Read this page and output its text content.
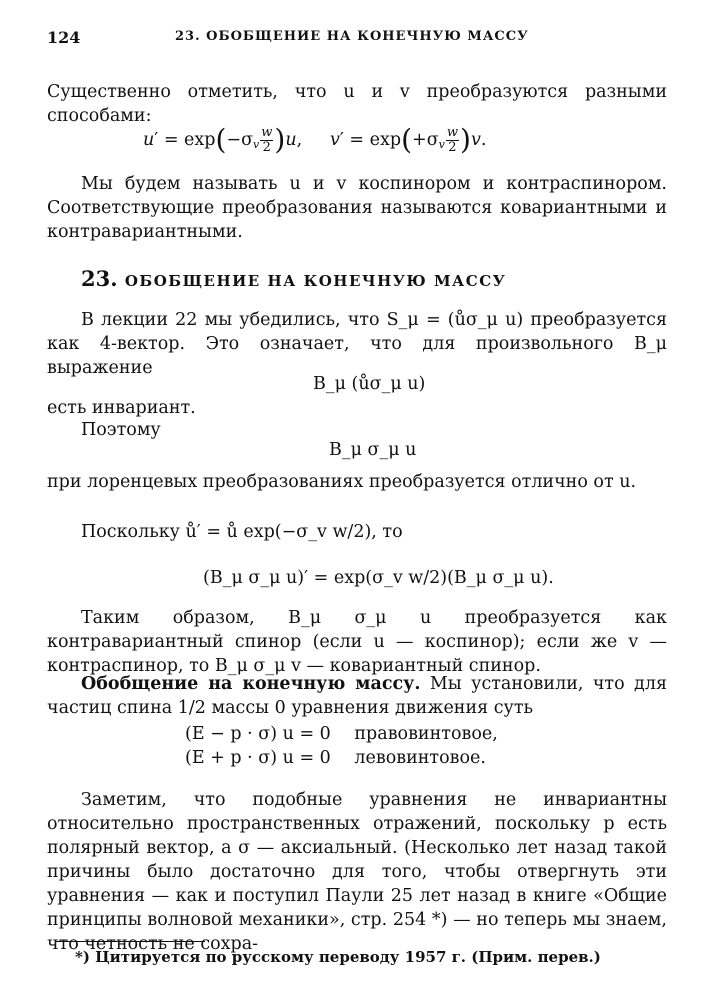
124	23. ОБОБЩЕНИЕ НА КОНЕЧНУЮ МАССУ
Существенно отметить, что u и v преобразуются разными способами:
$u' = \exp(-\sigma_v \frac{w}{2} )u$,     $v' = \exp(+\sigma_v \frac{w}{2} )v$.
Мы будем называть u и v коспинором и контраспинором. Соответствующие преобразования называются ковариантными и контравариантными.
23. ОБОБЩЕНИЕ НА КОНЕЧНУЮ МАССУ
В лекции 22 мы убедились, что S_μ = (ůσ_μ u) преобразуется как 4-вектор. Это означает, что для произвольного B_μ выражение
B_μ (ůσ_μ u)
есть инвариант.
Поэтому
B_μ σ_μ u
при лоренцевых преобразованиях преобразуется отлично от u.
Поскольку ů′ = ů exp(−σ_v w/2), то
(B_μ σ_μ u)′ = exp(σ_v w/2)(B_μ σ_μ u).
Таким образом, B_μ σ_μ u преобразуется как контравариантный спинор (если u — коспинор); если же v — контраспинор, то B_μ σ_μ v — ковариантный спинор.
Обобщение на конечную массу. Мы установили, что для частиц спина 1/2 массы 0 уравнения движения суть
(E − p · σ) u = 0 правовинтовое,
(E + p · σ) u = 0 левовинтовое.
Заметим, что подобные уравнения не инвариантны относительно пространственных отражений, поскольку p есть полярный вектор, а σ — аксиальный. (Несколько лет назад такой причины было достаточно для того, чтобы отвергнуть эти уравнения — как и поступил Паули 25 лет назад в книге «Общие принципы волновой механики», стр. 254 *) — но теперь мы знаем, что четность не сохра-
*) Цитируется по русскому переводу 1957 г. (Прим. перев.)
